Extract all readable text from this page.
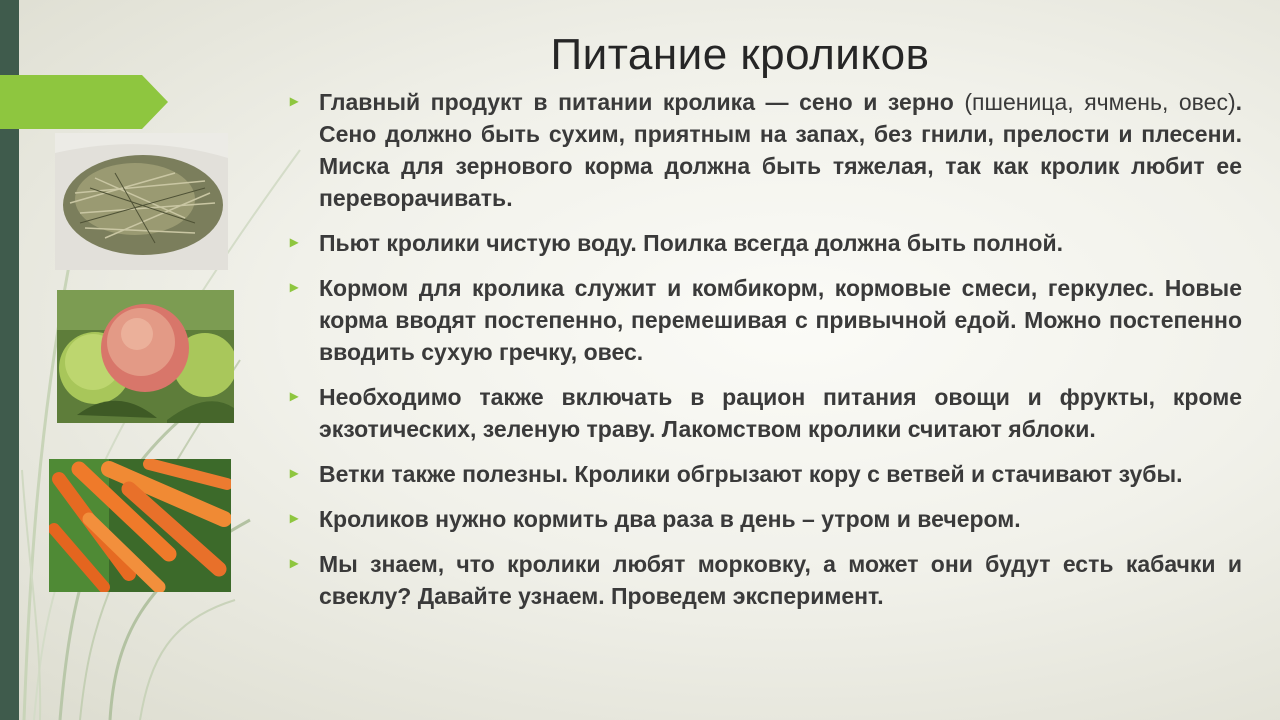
Питание кроликов
▸ Главный продукт в питании кролика — сено и зерно (пшеница, ячмень, овес). Сено должно быть сухим, приятным на запах, без гнили, прелости и плесени. Миска для зернового корма должна быть тяжелая, так как кролик любит ее переворачивать.
▸ Пьют кролики чистую воду. Поилка всегда должна быть полной.
▸ Кормом для кролика служит и комбикорм, кормовые смеси, геркулес. Новые корма вводят постепенно, перемешивая с привычной едой. Можно постепенно вводить сухую гречку, овес.
▸ Необходимо также включать в рацион питания овощи и фрукты, кроме экзотических, зеленую траву. Лакомством кролики считают яблоки.
▸ Ветки также полезны. Кролики обгрызают кору с ветвей и стачивают зубы.
▸ Кроликов нужно кормить два раза в день – утром и вечером.
▸ Мы знаем, что кролики любят морковку, а может они будут есть кабачки и свеклу? Давайте узнаем. Проведем эксперимент.
